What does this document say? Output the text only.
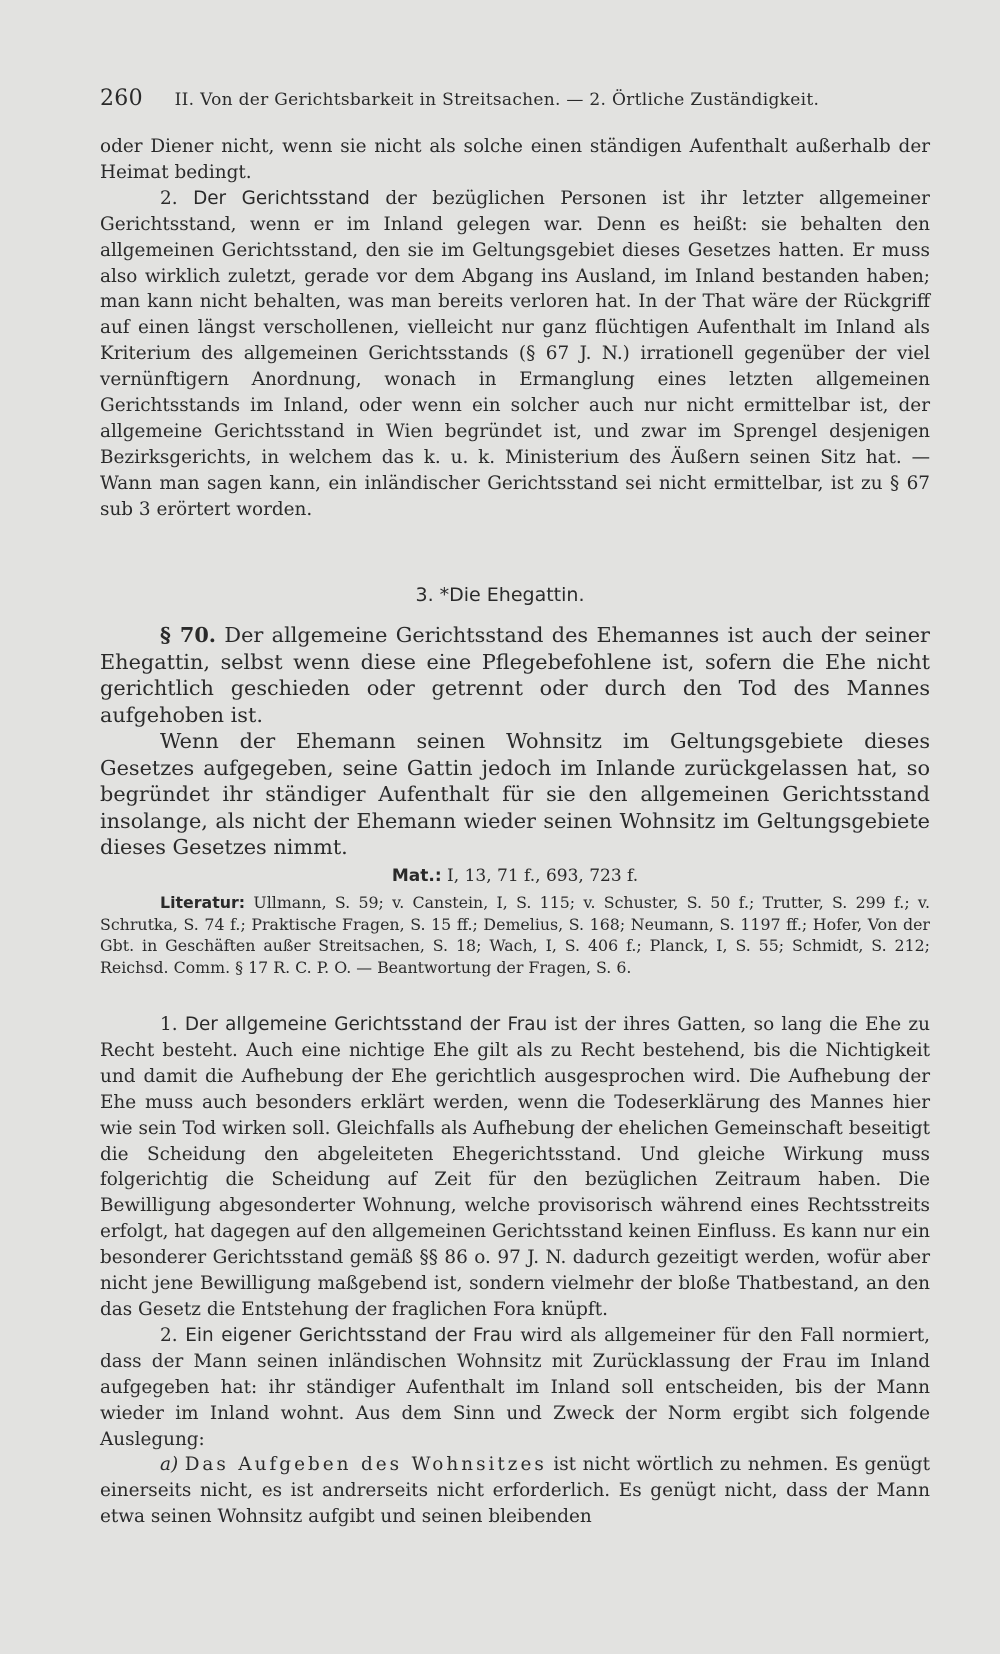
260 II. Von der Gerichtsbarkeit in Streitsachen. — 2. Örtliche Zuständigkeit.

oder Diener nicht, wenn sie nicht als solche einen ständigen Aufenthalt außerhalb der Heimat bedingt.

2. Der Gerichtsstand der bezüglichen Personen ist ihr letzter allgemeiner Gerichtsstand, wenn er im Inland gelegen war. Denn es heißt: sie behalten den allgemeinen Gerichtsstand, den sie im Geltungsgebiet dieses Gesetzes hatten. Er muss also wirklich zuletzt, gerade vor dem Abgang ins Ausland, im Inland bestanden haben; man kann nicht behalten, was man bereits verloren hat. In der That wäre der Rückgriff auf einen längst verschollenen, vielleicht nur ganz flüchtigen Aufenthalt im Inland als Kriterium des allgemeinen Gerichtsstands (§ 67 J. N.) irrationell gegenüber der viel vernünftigern Anordnung, wonach in Ermanglung eines letzten allgemeinen Gerichtsstands im Inland, oder wenn ein solcher auch nur nicht ermittelbar ist, der allgemeine Gerichtsstand in Wien begründet ist, und zwar im Sprengel desjenigen Bezirksgerichts, in welchem das k. u. k. Ministerium des Äußern seinen Sitz hat. — Wann man sagen kann, ein inländischer Gerichtsstand sei nicht ermittelbar, ist zu § 67 sub 3 erörtert worden.

3. *Die Ehegattin.

§ 70. Der allgemeine Gerichtsstand des Ehemannes ist auch der seiner Ehegattin, selbst wenn diese eine Pflegebefohlene ist, sofern die Ehe nicht gerichtlich geschieden oder getrennt oder durch den Tod des Mannes aufgehoben ist.

Wenn der Ehemann seinen Wohnsitz im Geltungsgebiete dieses Gesetzes aufgegeben, seine Gattin jedoch im Inlande zurückgelassen hat, so begründet ihr ständiger Aufenthalt für sie den allgemeinen Gerichtsstand insolange, als nicht der Ehemann wieder seinen Wohnsitz im Geltungsgebiete dieses Gesetzes nimmt.

Mat.: I, 13, 71 f., 693, 723 f.

Literatur: Ullmann, S. 59; v. Canstein, I, S. 115; v. Schuster, S. 50 f.; Trutter, S. 299 f.; v. Schrutka, S. 74 f.; Praktische Fragen, S. 15 ff.; Demelius, S. 168; Neumann, S. 1197 ff.; Hofer, Von der Gbt. in Geschäften außer Streitsachen, S. 18; Wach, I, S. 406 f.; Planck, I, S. 55; Schmidt, S. 212; Reichsd. Comm. § 17 R. C. P. O. — Beantwortung der Fragen, S. 6.

1. Der allgemeine Gerichtsstand der Frau ist der ihres Gatten, so lang die Ehe zu Recht besteht. Auch eine nichtige Ehe gilt als zu Recht bestehend, bis die Nichtigkeit und damit die Aufhebung der Ehe gerichtlich ausgesprochen wird. Die Aufhebung der Ehe muss auch besonders erklärt werden, wenn die Todeserklärung des Mannes hier wie sein Tod wirken soll. Gleichfalls als Aufhebung der ehelichen Gemeinschaft beseitigt die Scheidung den abgeleiteten Ehegerichtsstand. Und gleiche Wirkung muss folgerichtig die Scheidung auf Zeit für den bezüglichen Zeitraum haben. Die Bewilligung abgesonderter Wohnung, welche provisorisch während eines Rechtsstreits erfolgt, hat dagegen auf den allgemeinen Gerichtsstand keinen Einfluss. Es kann nur ein besonderer Gerichtsstand gemäß §§ 86 o. 97 J. N. dadurch gezeitigt werden, wofür aber nicht jene Bewilligung maßgebend ist, sondern vielmehr der bloße Thatbestand, an den das Gesetz die Entstehung der fraglichen Fora knüpft.

2. Ein eigener Gerichtsstand der Frau wird als allgemeiner für den Fall normiert, dass der Mann seinen inländischen Wohnsitz mit Zurücklassung der Frau im Inland aufgegeben hat: ihr ständiger Aufenthalt im Inland soll entscheiden, bis der Mann wieder im Inland wohnt. Aus dem Sinn und Zweck der Norm ergibt sich folgende Auslegung:

a) Das Aufgeben des Wohnsitzes ist nicht wörtlich zu nehmen. Es genügt einerseits nicht, es ist andrerseits nicht erforderlich. Es genügt nicht, dass der Mann etwa seinen Wohnsitz aufgibt und seinen bleibenden
